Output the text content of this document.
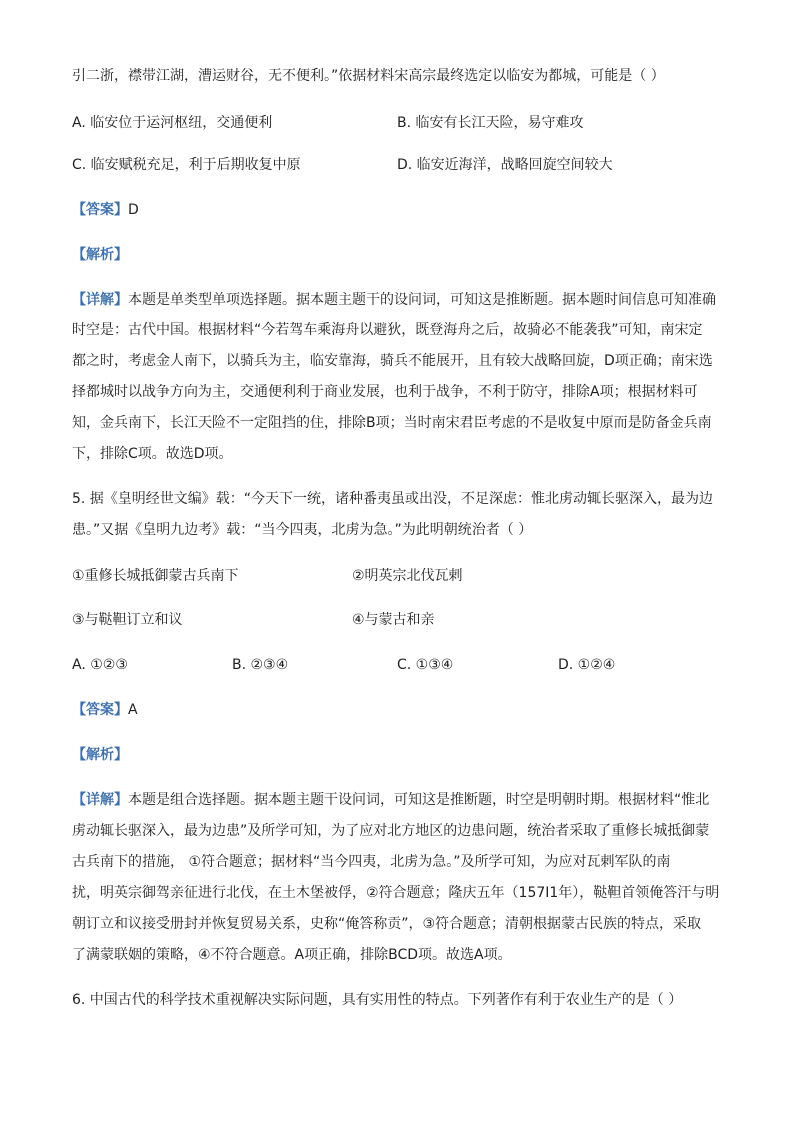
引二浙，襟带江湖，漕运财谷，无不便利。”依据材料宋高宗最终选定以临安为都城，可能是（ ）
A. 临安位于运河枢纽，交通便利	B. 临安有长江天险，易守难攻
C. 临安赋税充足，利于后期收复中原	D. 临安近海洋，战略回旋空间较大
【答案】D
【解析】
【详解】本题是单类型单项选择题。据本题主题干的设问词，可知这是推断题。据本题时间信息可知准确
时空是：古代中国。根据材料“今若驾车乘海舟以避狄，既登海舟之后，故骑必不能袭我”可知，南宋定
都之时，考虑金人南下，以骑兵为主，临安靠海，骑兵不能展开，且有较大战略回旋，D项正确；南宋选
择都城时以战争方向为主，交通便利利于商业发展，也利于战争，不利于防守，排除A项；根据材料可
知，金兵南下，长江天险不一定阻挡的住，排除B项；当时南宋君臣考虑的不是收复中原而是防备金兵南
下，排除C项。故选D项。
5. 据《皇明经世文编》载：“今天下一统，诸种番夷虽或出没，不足深虑：惟北虏动辄长驱深入，最为边
患。”又据《皇明九边考》载：“当今四夷，北虏为急。”为此明朝统治者（ ）
①重修长城抵御蒙古兵南下	②明英宗北伐瓦剌
③与鞑靼订立和议	④与蒙古和亲
A. ①②③	B. ②③④	C. ①③④	D. ①②④
【答案】A
【解析】
【详解】本题是组合选择题。据本题主题干设问词，可知这是推断题，时空是明朝时期。根据材料“惟北
虏动辄长驱深入，最为边患”及所学可知，为了应对北方地区的边患问题，统治者采取了重修长城抵御蒙
古兵南下的措施， ①符合题意；据材料“当今四夷，北虏为急。”及所学可知，为应对瓦剌军队的南
扰，明英宗御驾亲征进行北伐，在土木堡被俘，②符合题意；隆庆五年（157I1年），鞑靼首领俺答汗与明
朝订立和议接受册封并恢复贸易关系，史称“俺答称贡”，③符合题意；清朝根据蒙古民族的特点，采取
了满蒙联姻的策略，④不符合题意。A项正确，排除BCD项。故选A项。
6. 中国古代的科学技术重视解决实际问题，具有实用性的特点。下列著作有利于农业生产的是（ ）
